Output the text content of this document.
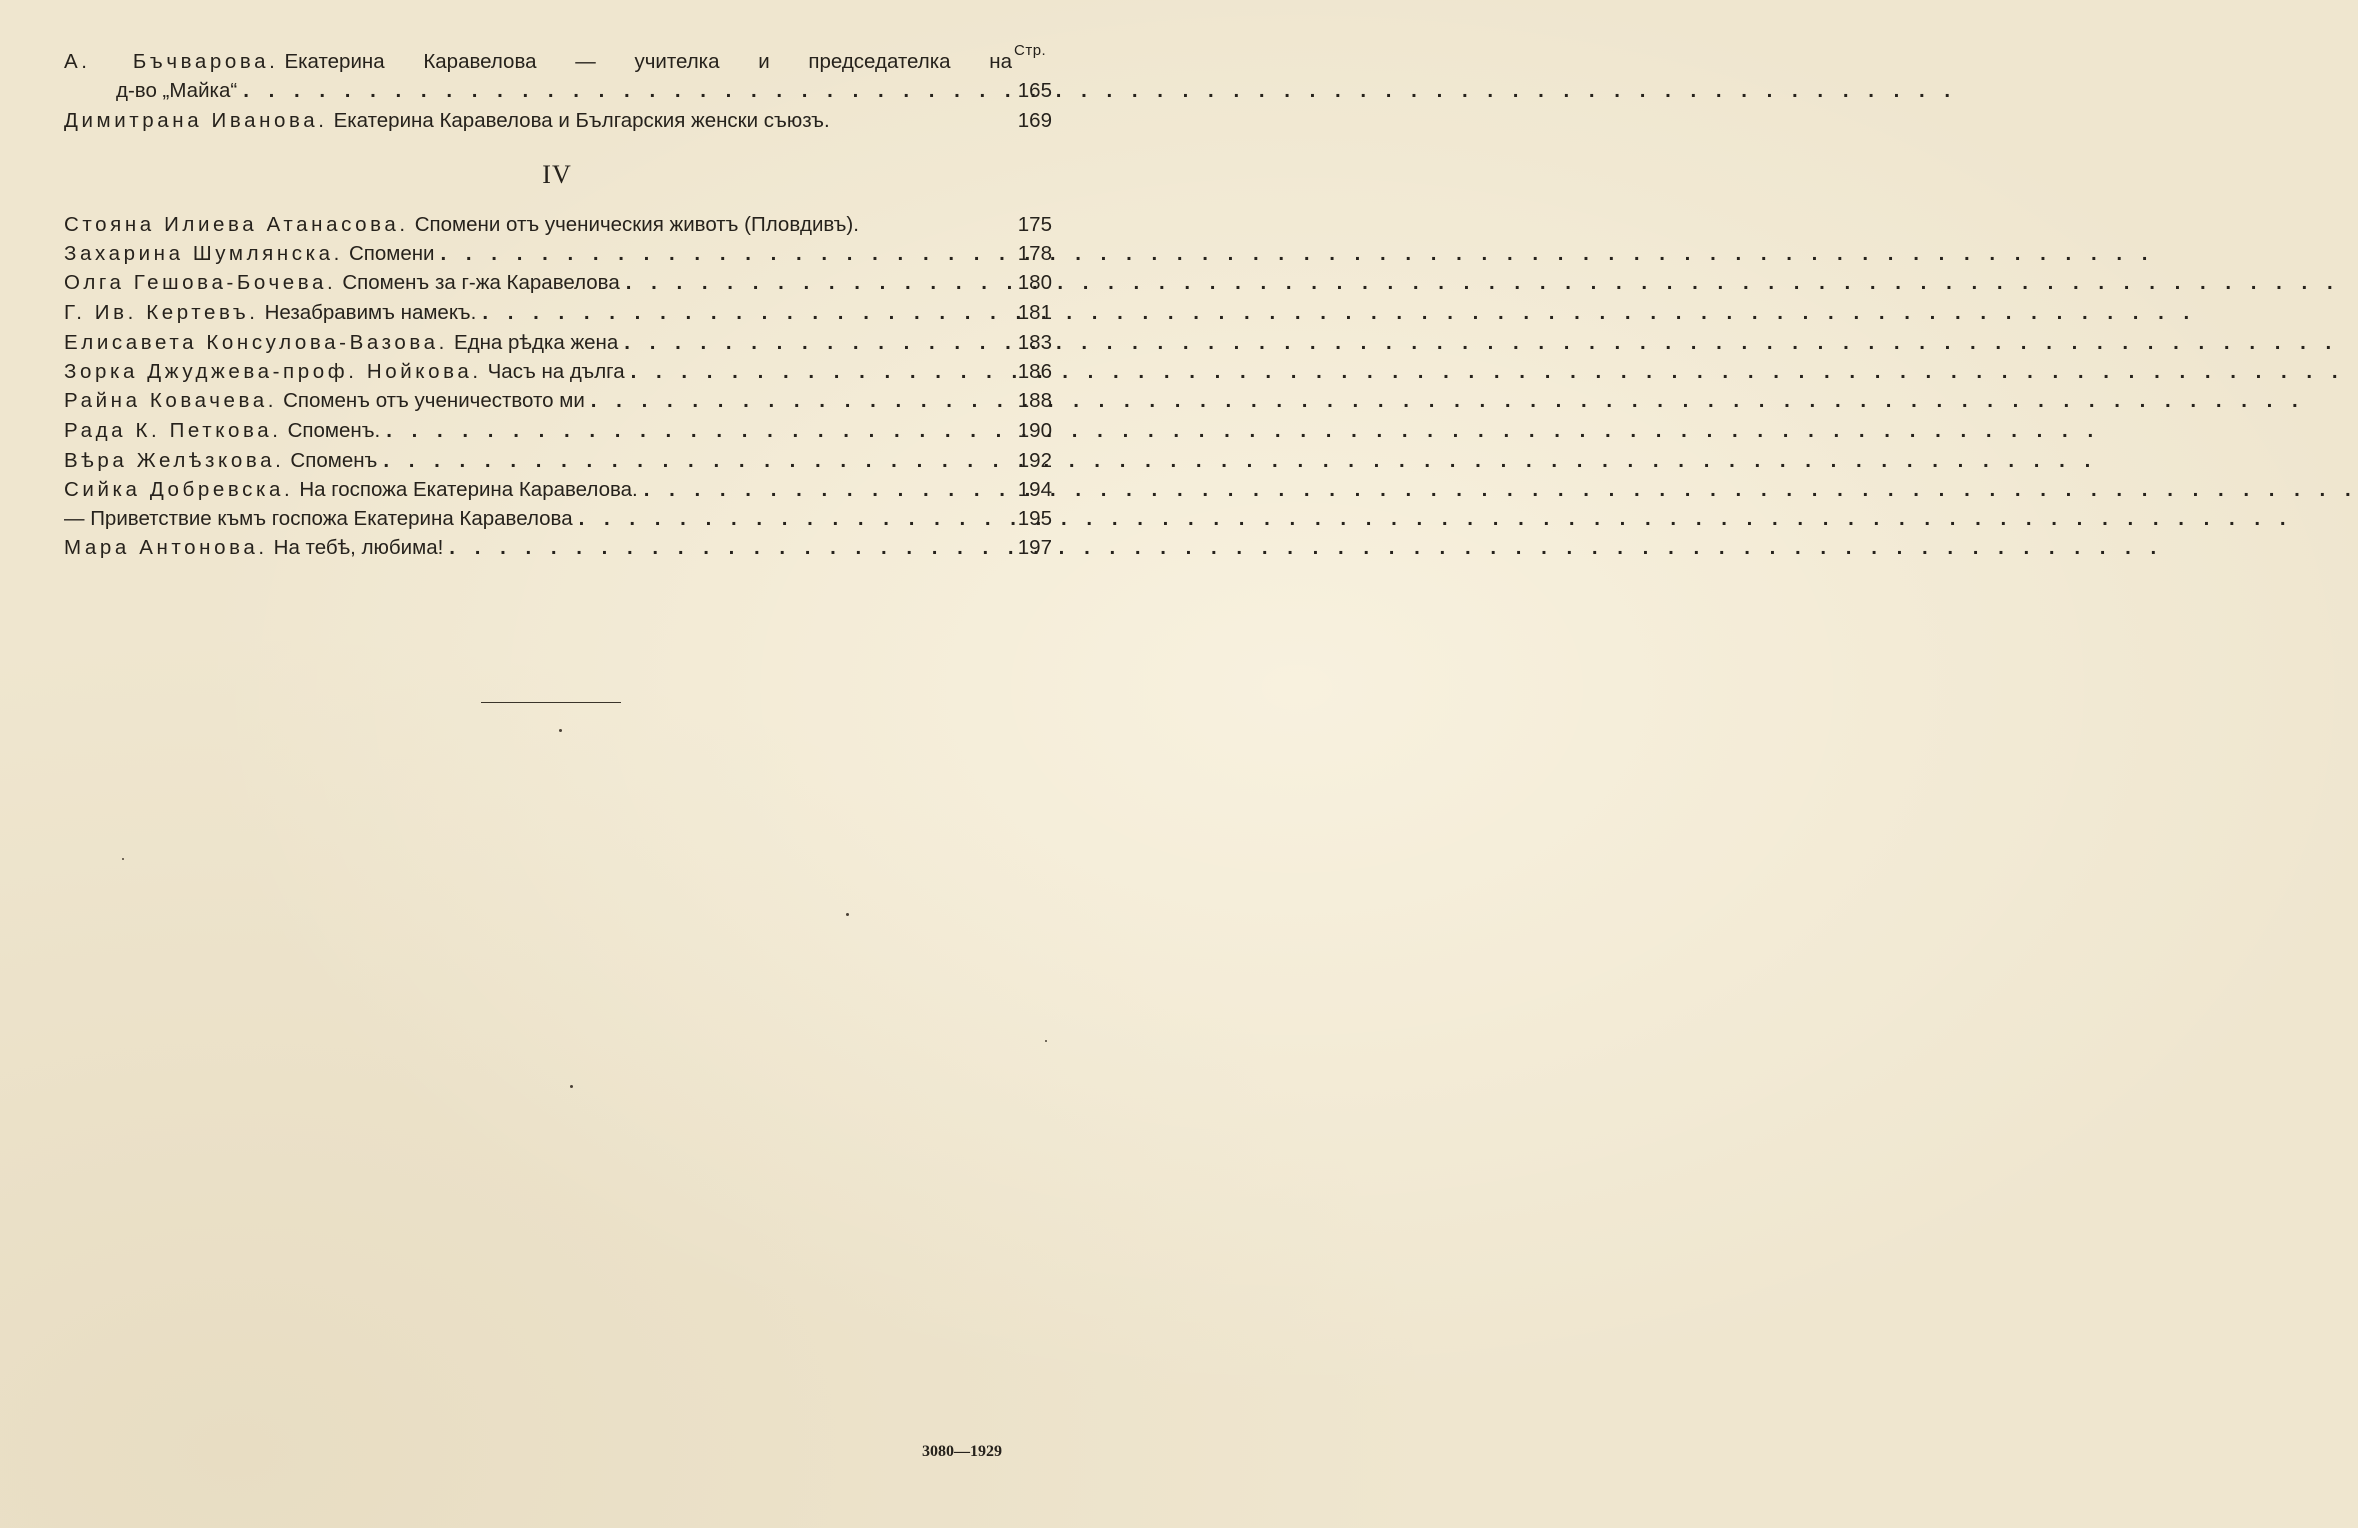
Стр.
А. Бъчварова. Екатерина Каравелова — учителка и председателка на
д-во „Майка“ . . .	165
Димитрана Иванова. Екатерина Каравелова и Българския женски съюзъ.	169
IV
Стояна Илиева Атанасова. Спомени отъ ученическия животъ (Пловдивъ).	175
Захарина Шумлянска. Спомени . . .	178
Олга Гешова-Бочева. Споменъ за г-жа Каравелова . . .	180
Г. Ив. Кертевъ. Незабравимъ намекъ. . . .	181
Елисавета Консулова-Вазова. Една рѣдка жена . . .	183
Зорка Джуджева-проф. Нойкова. Часъ на дълга . . .	186
Райна Ковачева. Споменъ отъ ученичеството ми . . .	188
Рада К. Петкова. Споменъ. . . .	190
Вѣра Желѣзкова. Споменъ . . .	192
Сийка Добревска. На госпожа Екатерина Каравелова. . . .	194
— Приветствие къмъ госпожа Екатерина Каравелова . . .	195
Мара Антонова. На тебѣ, любима! . . .	197
3080—1929
